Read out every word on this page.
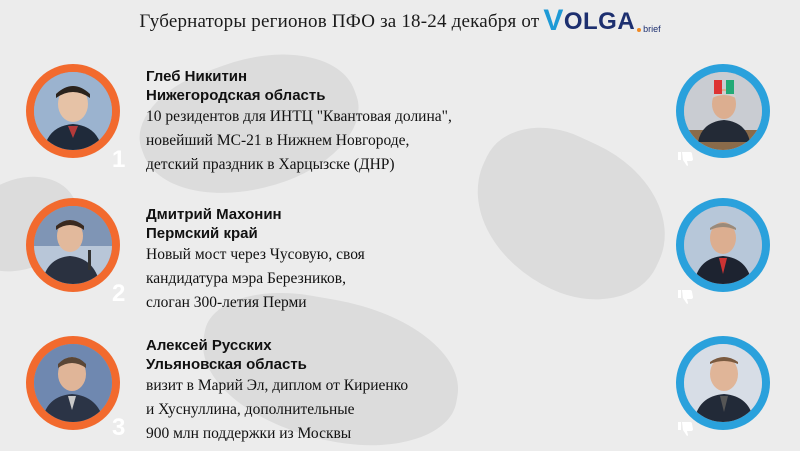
Губернаторы регионов ПФО за 18-24 декабря от VOLGA brief
1
Глеб Никитин
Нижегородская область
10 резидентов для ИНТЦ "Квантовая долина",
новейший МС-21 в Нижнем Новгороде,
детский праздник в Харцызске (ДНР)
2
Дмитрий Махонин
Пермский край
Новый мост через Чусовую, своя
кандидатура мэра Березников,
слоган 300-летия Перми
3
Алексей Русских
Ульяновская область
визит в Марий Эл, диплом от Кириенко
и Хуснуллина, дополнительные
900 млн поддержки из Москвы
